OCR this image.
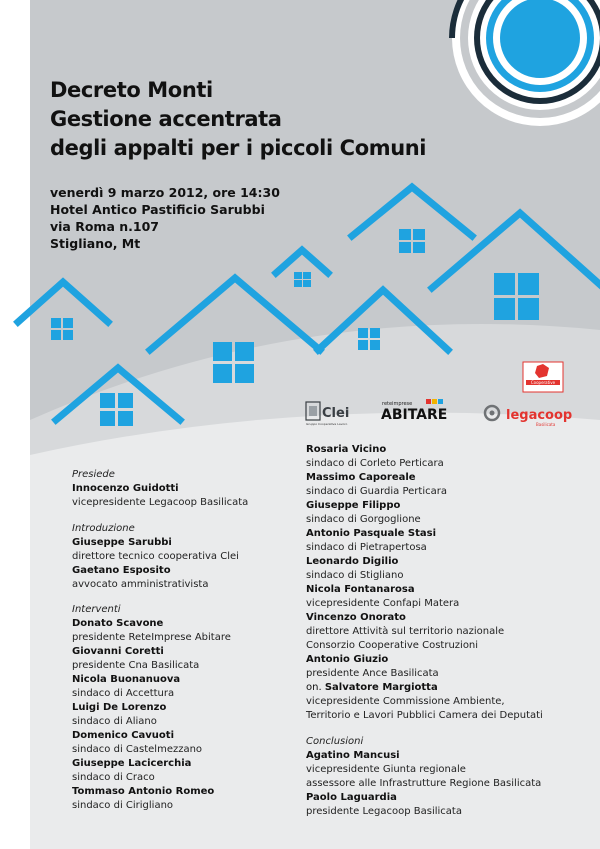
Clei
Gruppo Cooperative Lavoro
reteimprese
ABITARE	legacoop
Basilicata
Cooperative
Decreto Monti
Gestione accentrata
degli appalti per i piccoli Comuni
venerdì 9 marzo 2012, ore 14:30
Hotel Antico Pastificio Sarubbi
via Roma n.107
Stigliano, Mt
Presiede
Innocenzo Guidotti
vicepresidente Legacoop Basilicata
Introduzione
Giuseppe Sarubbi
direttore tecnico cooperativa Clei
Gaetano Esposito
avvocato amministrativista
Interventi
Donato Scavone
presidente ReteImprese Abitare
Giovanni Coretti
presidente Cna Basilicata
Nicola Buonanuova
sindaco di Accettura
Luigi De Lorenzo
sindaco di Aliano
Domenico Cavuoti
sindaco di Castelmezzano
Giuseppe Lacicerchia
sindaco di Craco
Tommaso Antonio Romeo
sindaco di Cirigliano
Rosaria Vicino
sindaco di Corleto Perticara
Massimo Caporeale
sindaco di Guardia Perticara
Giuseppe Filippo
sindaco di Gorgoglione
Antonio Pasquale Stasi
sindaco di Pietrapertosa
Leonardo Digilio
sindaco di Stigliano
Nicola Fontanarosa
vicepresidente Confapi Matera
Vincenzo Onorato
direttore Attività sul territorio nazionale
Consorzio Cooperative Costruzioni
Antonio Giuzio
presidente Ance Basilicata
on. Salvatore Margiotta
vicepresidente Commissione Ambiente,
Territorio e Lavori Pubblici Camera dei Deputati
Conclusioni
Agatino Mancusi
vicepresidente Giunta regionale
assessore alle Infrastrutture Regione Basilicata
Paolo Laguardia
presidente Legacoop Basilicata
